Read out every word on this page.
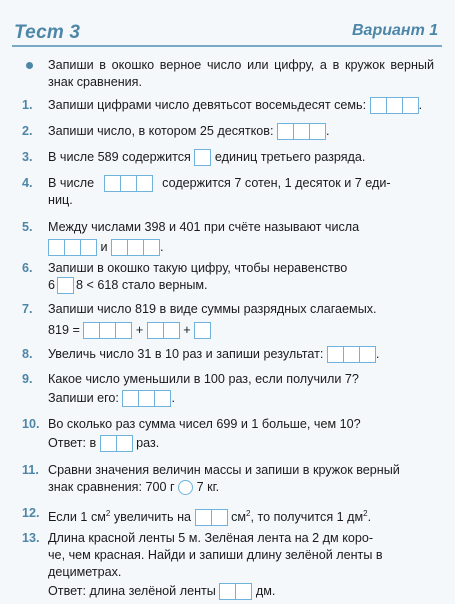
Тест 3	Вариант 1
Запиши в окошко верное число или цифру, а в кружок верный знак сравнения.
1.	Запиши цифрами число девятьсот восемьдесят семь:	.
2.	Запиши число, в котором 25 десятков:	.
3.	В числе 589 содержится единиц третьего разряда.
4.	В числе	содержится 7 сотен, 1 десяток и 7 еди-
ниц.
5.	Между числами 398 и 401 при счёте называют числа
и	.
6.	Запиши в окошко такую цифру, чтобы неравенство
6 8 < 618 стало верным.
7.	Запиши число 819 в виде суммы разрядных слагаемых.
819 =	+	+
8.	Увеличь число 31 в 10 раз и запиши результат:	.
9.	Какое число уменьшили в 100 раз, если получили 7?
Запиши его:	.
10. Во сколько раз сумма чисел 699 и 1 больше, чем 10?
Ответ: в	раз.
11. Сравни значения величин массы и запиши в кружок верный
знак сравнения: 700 г 7 кг.
12. Если 1 $см^2$ увеличить на	$см^2$, то получится 1 $дм^2$.
13. Длина красной ленты 5 м. Зелёная лента на 2 дм коро-
че, чем красная. Найди и запиши длину зелёной ленты в
дециметрах.
Ответ: длина зелёной ленты	дм.
